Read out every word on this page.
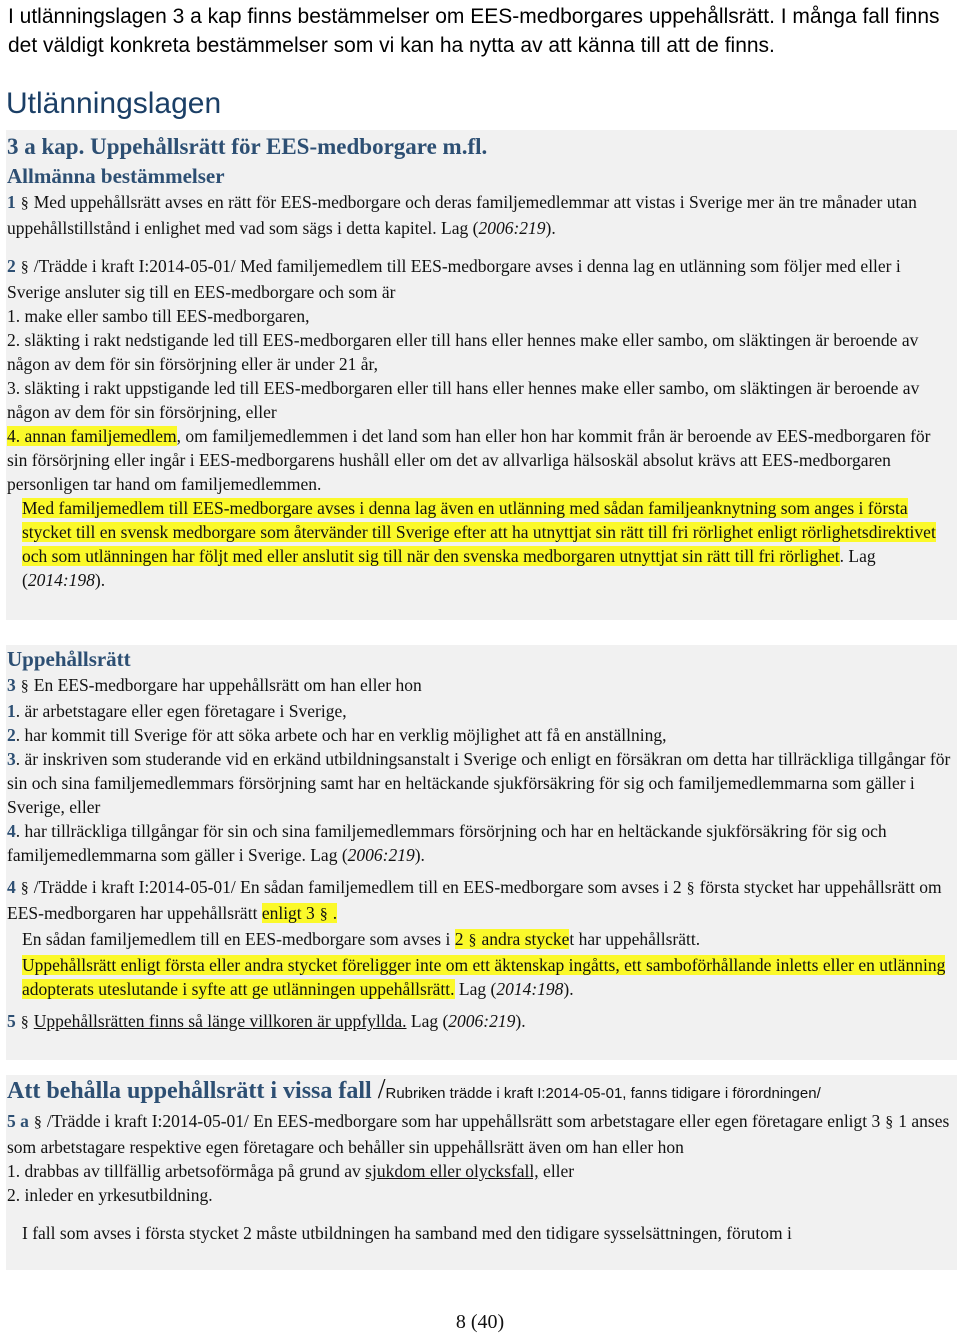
I utlänningslagen 3 a kap finns bestämmelser om EES-medborgares uppehållsrätt. I många fall finns det väldigt konkreta bestämmelser som vi kan ha nytta av att känna till att de finns.
Utlänningslagen
3 a kap. Uppehållsrätt för EES-medborgare m.fl.
Allmänna bestämmelser

1 § Med uppehållsrätt avses en rätt för EES-medborgare och deras familjemedlemmar att vistas i Sverige mer än tre månader utan uppehållstillstånd i enlighet med vad som sägs i detta kapitel. Lag (2006:219).

2 § /Trädde i kraft I:2014-05-01/ Med familjemedlem till EES-medborgare avses i denna lag en utlänning som följer med eller i Sverige ansluter sig till en EES-medborgare och som är

1. make eller sambo till EES-medborgaren,

2. släkting i rakt nedstigande led till EES-medborgaren eller till hans eller hennes make eller sambo, om släktingen är beroende av någon av dem för sin försörjning eller är under 21 år,

3. släkting i rakt uppstigande led till EES-medborgaren eller till hans eller hennes make eller sambo, om släktingen är beroende av någon av dem för sin försörjning, eller

4. annan familjemedlem, om familjemedlemmen i det land som han eller hon har kommit från är beroende av EES-medborgaren för sin försörjning eller ingår i EES-medborgarens hushåll eller om det av allvarliga hälsoskäl absolut krävs att EES-medborgaren personligen tar hand om familjemedlemmen.

Med familjemedlem till EES-medborgare avses i denna lag även en utlänning med sådan familjeanknytning som anges i första stycket till en svensk medborgare som återvänder till Sverige efter att ha utnyttjat sin rätt till fri rörlighet enligt rörlighetsdirektivet och som utlänningen har följt med eller anslutit sig till när den svenska medborgaren utnyttjat sin rätt till fri rörlighet. Lag (2014:198).

Uppehållsrätt

3 § En EES-medborgare har uppehållsrätt om han eller hon

1. är arbetstagare eller egen företagare i Sverige,

2. har kommit till Sverige för att söka arbete och har en verklig möjlighet att få en anställning,

3. är inskriven som studerande vid en erkänd utbildningsanstalt i Sverige och enligt en försäkran om detta har tillräckliga tillgångar för sin och sina familjemedlemmars försörjning samt har en heltäckande sjukförsäkring för sig och familjemedlemmarna som gäller i Sverige, eller

4. har tillräckliga tillgångar för sin och sina familjemedlemmars försörjning och har en heltäckande sjukförsäkring för sig och familjemedlemmarna som gäller i Sverige. Lag (2006:219).

4 § /Trädde i kraft I:2014-05-01/ En sådan familjemedlem till en EES-medborgare som avses i 2 § första stycket har uppehållsrätt om EES-medborgaren har uppehållsrätt enligt 3 § .

En sådan familjemedlem till en EES-medborgare som avses i 2 § andra stycket har uppehållsrätt.

Uppehållsrätt enligt första eller andra stycket föreligger inte om ett äktenskap ingåtts, ett samboförhållande inletts eller en utlänning adopterats uteslutande i syfte att ge utlänningen uppehållsrätt. Lag (2014:198).

5 § Uppehållsrätten finns så länge villkoren är uppfyllda. Lag (2006:219).

Att behålla uppehållsrätt i vissa fall /Rubriken trädde i kraft I:2014-05-01, fanns tidigare i förordningen/

5 a § /Trädde i kraft I:2014-05-01/ En EES-medborgare som har uppehållsrätt som arbetstagare eller egen företagare enligt 3 § 1 anses som arbetstagare respektive egen företagare och behåller sin uppehållsrätt även om han eller hon

1. drabbas av tillfällig arbetsoförmåga på grund av sjukdom eller olycksfall, eller

2. inleder en yrkesutbildning.

I fall som avses i första stycket 2 måste utbildningen ha samband med den tidigare sysselsättningen, förutom i

8 (40)
